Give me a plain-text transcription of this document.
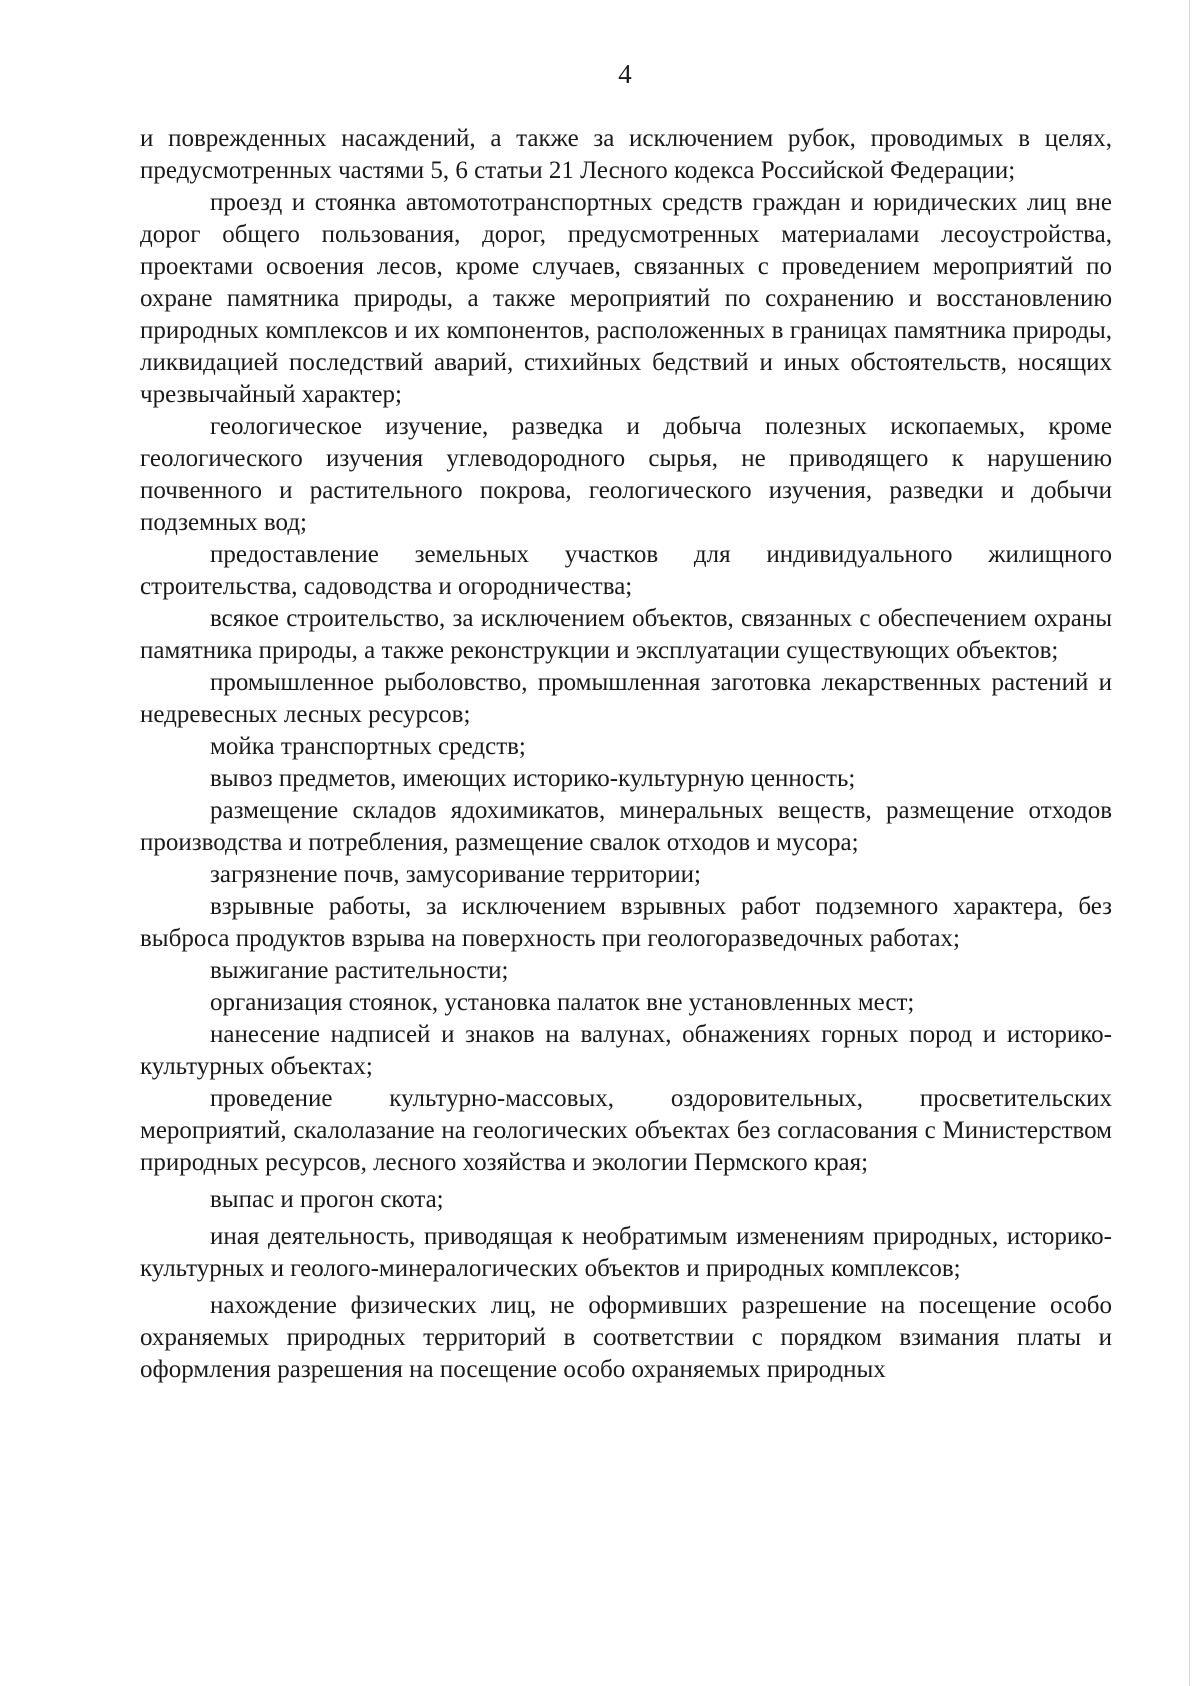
4

и поврежденных насаждений, а также за исключением рубок, проводимых в целях, предусмотренных частями 5, 6 статьи 21 Лесного кодекса Российской Федерации;

проезд и стоянка автомототранспортных средств граждан и юридических лиц вне дорог общего пользования, дорог, предусмотренных материалами лесоустройства, проектами освоения лесов, кроме случаев, связанных с проведением мероприятий по охране памятника природы, а также мероприятий по сохранению и восстановлению природных комплексов и их компонентов, расположенных в границах памятника природы, ликвидацией последствий аварий, стихийных бедствий и иных обстоятельств, носящих чрезвычайный характер;

геологическое изучение, разведка и добыча полезных ископаемых, кроме геологического изучения углеводородного сырья, не приводящего к нарушению почвенного и растительного покрова, геологического изучения, разведки и добычи подземных вод;

предоставление земельных участков для индивидуального жилищного строительства, садоводства и огородничества;

всякое строительство, за исключением объектов, связанных с обеспечением охраны памятника природы, а также реконструкции и эксплуатации существующих объектов;

промышленное рыболовство, промышленная заготовка лекарственных растений и недревесных лесных ресурсов;

мойка транспортных средств;

вывоз предметов, имеющих историко-культурную ценность;

размещение складов ядохимикатов, минеральных веществ, размещение отходов производства и потребления, размещение свалок отходов и мусора;

загрязнение почв, замусоривание территории;

взрывные работы, за исключением взрывных работ подземного характера, без выброса продуктов взрыва на поверхность при геологоразведочных работах;

выжигание растительности;

организация стоянок, установка палаток вне установленных мест;

нанесение надписей и знаков на валунах, обнажениях горных пород и историко-культурных объектах;

проведение культурно-массовых, оздоровительных, просветительских мероприятий, скалолазание на геологических объектах без согласования с Министерством природных ресурсов, лесного хозяйства и экологии Пермского края;

выпас и прогон скота;

иная деятельность, приводящая к необратимым изменениям природных, историко-культурных и геолого-минералогических объектов и природных комплексов;

нахождение физических лиц, не оформивших разрешение на посещение особо охраняемых природных территорий в соответствии с порядком взимания платы и оформления разрешения на посещение особо охраняемых природных
